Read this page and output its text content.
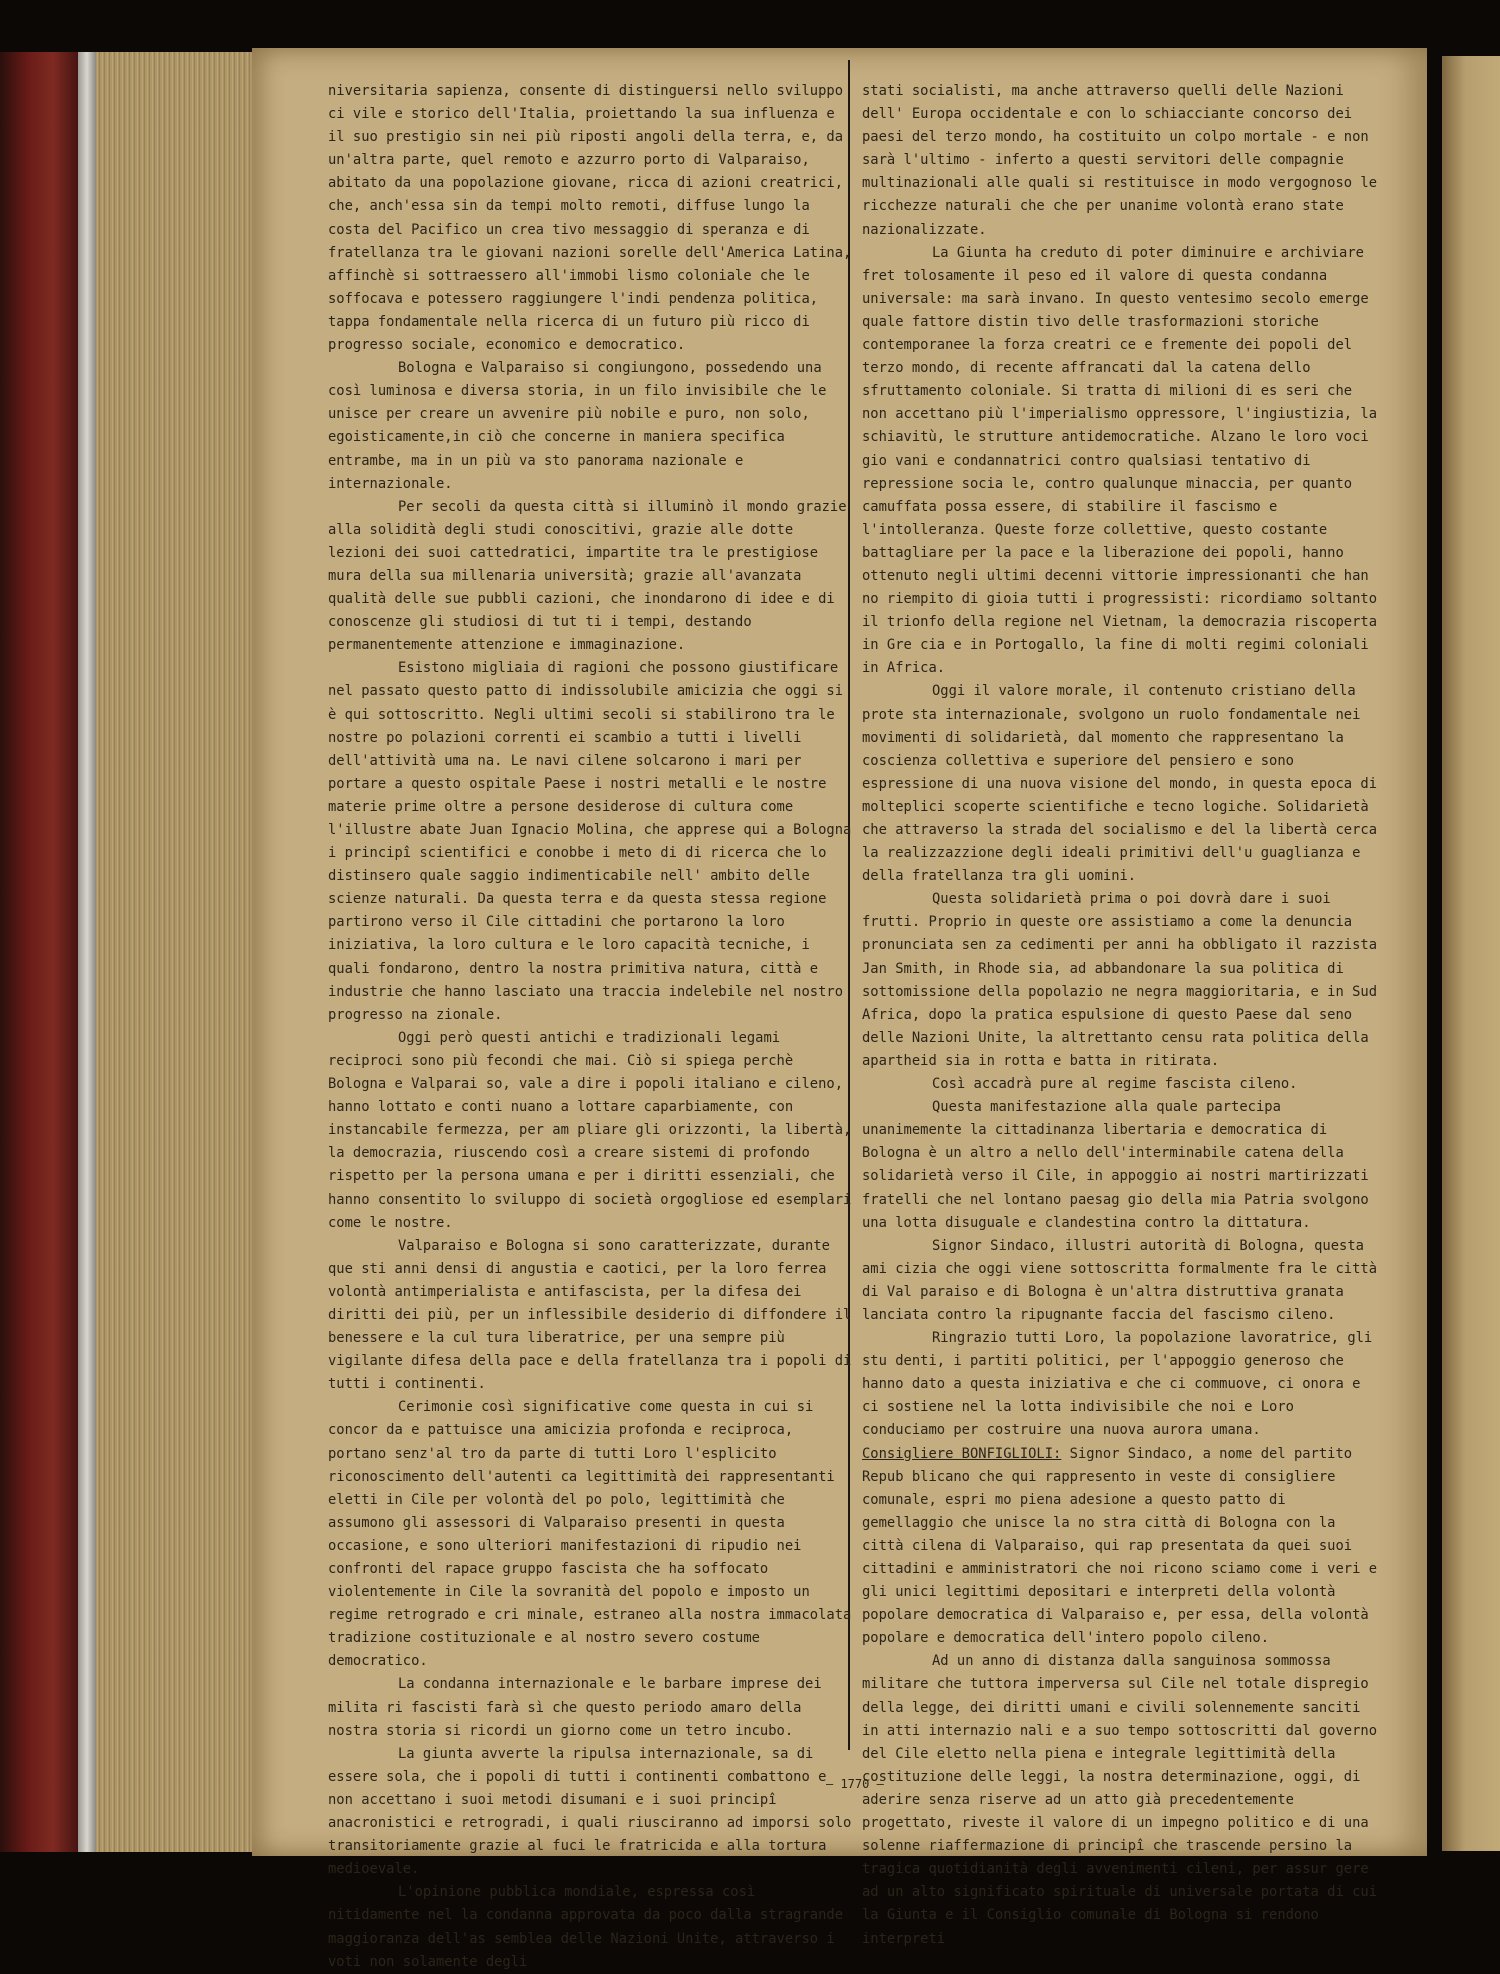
niversitaria sapienza, consente di distinguersi nello sviluppo ci vile e storico dell'Italia, proiettando la sua influenza e il suo prestigio sin nei più riposti angoli della terra, e, da un'altra parte, quel remoto e azzurro porto di Valparaiso, abitato da una popolazione giovane, ricca di azioni creatrici, che, anch'essa sin da tempi molto remoti, diffuse lungo la costa del Pacifico un crea tivo messaggio di speranza e di fratellanza tra le giovani nazioni sorelle dell'America Latina, affinchè si sottraessero all'immobi lismo coloniale che le soffocava e potessero raggiungere l'indi pendenza politica, tappa fondamentale nella ricerca di un futuro più ricco di progresso sociale, economico e democratico.

Bologna e Valparaiso si congiungono, possedendo una così luminosa e diversa storia, in un filo invisibile che le unisce per creare un avvenire più nobile e puro, non solo, egoisticamente,in ciò che concerne in maniera specifica entrambe, ma in un più va sto panorama nazionale e internazionale.

Per secoli da questa città si illuminò il mondo grazie alla solidità degli studi conoscitivi, grazie alle dotte lezioni dei suoi cattedratici, impartite tra le prestigiose mura della sua millenaria università; grazie all'avanzata qualità delle sue pubbli cazioni, che inondarono di idee e di conoscenze gli studiosi di tut ti i tempi, destando permanentemente attenzione e immaginazione.

Esistono migliaia di ragioni che possono giustificare nel passato questo patto di indissolubile amicizia che oggi si è qui sottoscritto. Negli ultimi secoli si stabilirono tra le nostre po polazioni correnti ei scambio a tutti i livelli dell'attività uma na. Le navi cilene solcarono i mari per portare a questo ospitale Paese i nostri metalli e le nostre materie prime oltre a persone desiderose di cultura come l'illustre abate Juan Ignacio Molina, che apprese qui a Bologna i principî scientifici e conobbe i meto di di ricerca che lo distinsero quale saggio indimenticabile nell' ambito delle scienze naturali. Da questa terra e da questa stessa regione partirono verso il Cile cittadini che portarono la loro iniziativa, la loro cultura e le loro capacità tecniche, i quali fondarono, dentro la nostra primitiva natura, città e industrie che hanno lasciato una traccia indelebile nel nostro progresso na zionale.

Oggi però questi antichi e tradizionali legami reciproci sono più fecondi che mai. Ciò si spiega perchè Bologna e Valparai so, vale a dire i popoli italiano e cileno, hanno lottato e conti nuano a lottare caparbiamente, con instancabile fermezza, per am pliare gli orizzonti, la libertà, la democrazia, riuscendo così a creare sistemi di profondo rispetto per la persona umana e per i diritti essenziali, che hanno consentito lo sviluppo di società orgogliose ed esemplari come le nostre.

Valparaiso e Bologna si sono caratterizzate, durante que sti anni densi di angustia e caotici, per la loro ferrea volontà antimperialista e antifascista, per la difesa dei diritti dei più, per un inflessibile desiderio di diffondere il benessere e la cul tura liberatrice, per una sempre più vigilante difesa della pace e della fratellanza tra i popoli di tutti i continenti.

Cerimonie così significative come questa in cui si concor da e pattuisce una amicizia profonda e reciproca, portano senz'al tro da parte di tutti Loro l'esplicito riconoscimento dell'autenti ca legittimità dei rappresentanti eletti in Cile per volontà del po polo, legittimità che assumono gli assessori di Valparaiso presenti in questa occasione, e sono ulteriori manifestazioni di ripudio nei confronti del rapace gruppo fascista che ha soffocato violentemente in Cile la sovranità del popolo e imposto un regime retrogrado e cri minale, estraneo alla nostra immacolata tradizione costituzionale e al nostro severo costume democratico.

La condanna internazionale e le barbare imprese dei milita ri fascisti farà sì che questo periodo amaro della nostra storia si ricordi un giorno come un tetro incubo.

La giunta avverte la ripulsa internazionale, sa di essere sola, che i popoli di tutti i continenti combattono e non accettano i suoi metodi disumani e i suoi principî anacronistici e retrogradi, i quali riusciranno ad imporsi solo transitoriamente grazie al fuci le fratricida e alla tortura medioevale.

L'opinione pubblica mondiale, espressa così nitidamente nel la condanna approvata da poco dalla stragrande maggioranza dell'as semblea delle Nazioni Unite, attraverso i voti non solamente degli

stati socialisti, ma anche attraverso quelli delle Nazioni dell' Europa occidentale e con lo schiacciante concorso dei paesi del terzo mondo, ha costituito un colpo mortale - e non sarà l'ultimo - inferto a questi servitori delle compagnie multinazionali alle quali si restituisce in modo vergognoso le ricchezze naturali che che per unanime volontà erano state nazionalizzate.

La Giunta ha creduto di poter diminuire e archiviare fret tolosamente il peso ed il valore di questa condanna universale: ma sarà invano. In questo ventesimo secolo emerge quale fattore distin tivo delle trasformazioni storiche contemporanee la forza creatri ce e fremente dei popoli del terzo mondo, di recente affrancati dal la catena dello sfruttamento coloniale. Si tratta di milioni di es seri che non accettano più l'imperialismo oppressore, l'ingiustizia, la schiavitù, le strutture antidemocratiche. Alzano le loro voci gio vani e condannatrici contro qualsiasi tentativo di repressione socia le, contro qualunque minaccia, per quanto camuffata possa essere, di stabilire il fascismo e l'intolleranza. Queste forze collettive, questo costante battagliare per la pace e la liberazione dei popoli, hanno ottenuto negli ultimi decenni vittorie impressionanti che han no riempito di gioia tutti i progressisti: ricordiamo soltanto il trionfo della regione nel Vietnam, la democrazia riscoperta in Gre cia e in Portogallo, la fine di molti regimi coloniali in Africa.

Oggi il valore morale, il contenuto cristiano della prote sta internazionale, svolgono un ruolo fondamentale nei movimenti di solidarietà, dal momento che rappresentano la coscienza collettiva e superiore del pensiero e sono espressione di una nuova visione del mondo, in questa epoca di molteplici scoperte scientifiche e tecno logiche. Solidarietà che attraverso la strada del socialismo e del la libertà cerca la realizzazzione degli ideali primitivi dell'u guaglianza e della fratellanza tra gli uomini.

Questa solidarietà prima o poi dovrà dare i suoi frutti. Proprio in queste ore assistiamo a come la denuncia pronunciata sen za cedimenti per anni ha obbligato il razzista Jan Smith, in Rhode sia, ad abbandonare la sua politica di sottomissione della popolazio ne negra maggioritaria, e in Sud Africa, dopo la pratica espulsione di questo Paese dal seno delle Nazioni Unite, la altrettanto censu rata politica della apartheid sia in rotta e batta in ritirata.

Così accadrà pure al regime fascista cileno.

Questa manifestazione alla quale partecipa unanimemente la cittadinanza libertaria e democratica di Bologna è un altro a nello dell'interminabile catena della solidarietà verso il Cile, in appoggio ai nostri martirizzati fratelli che nel lontano paesag gio della mia Patria svolgono una lotta disuguale e clandestina contro la dittatura.

Signor Sindaco, illustri autorità di Bologna, questa ami cizia che oggi viene sottoscritta formalmente fra le città di Val paraiso e di Bologna è un'altra distruttiva granata lanciata contro la ripugnante faccia del fascismo cileno.

Ringrazio tutti Loro, la popolazione lavoratrice, gli stu denti, i partiti politici, per l'appoggio generoso che hanno dato a questa iniziativa e che ci commuove, ci onora e ci sostiene nel la lotta indivisibile che noi e Loro conduciamo per costruire una nuova aurora umana.

Consigliere BONFIGLIOLI: Signor Sindaco, a nome del partito Repub blicano che qui rappresento in veste di consigliere comunale, espri mo piena adesione a questo patto di gemellaggio che unisce la no stra città di Bologna con la città cilena di Valparaiso, qui rap presentata da quei suoi cittadini e amministratori che noi ricono sciamo come i veri e gli unici legittimi depositari e interpreti della volontà popolare democratica di Valparaiso e, per essa, della volontà popolare e democratica dell'intero popolo cileno.

Ad un anno di distanza dalla sanguinosa sommossa militare che tuttora imperversa sul Cile nel totale dispregio della legge, dei diritti umani e civili solennemente sanciti in atti internazio nali e a suo tempo sottoscritti dal governo del Cile eletto nella piena e integrale legittimità della costituzione delle leggi, la nostra determinazione, oggi, di aderire senza riserve ad un atto già precedentemente progettato, riveste il valore di un impegno politico e di una solenne riaffermazione di principî che trascende persino la tragica quotidianità degli avvenimenti cileni, per assur gere ad un alto significato spirituale di universale portata di cui la Giunta e il Consiglio comunale di Bologna si rendono interpreti

— 1770 —
